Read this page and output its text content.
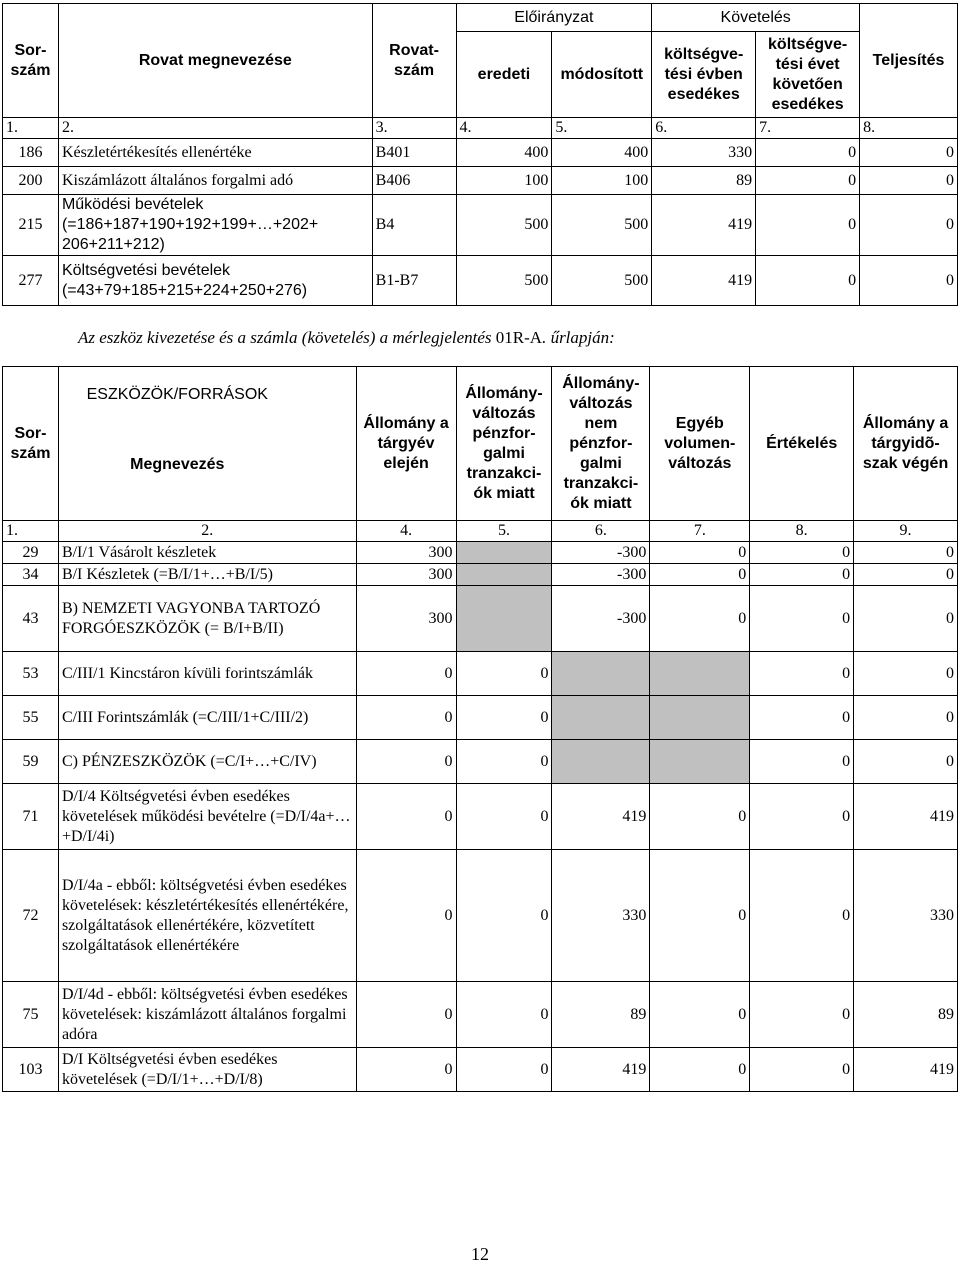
Sor-szám	Rovat megnevezése	Rovat-szám	Előirányzat		Követelés		Teljesítés
			eredeti	módosított	költségve-tési évben esedékes	költségve-tési évet követően esedékes	
1.	2.	3.	4.	5.	6.	7.	8.
186	Készletértékesítés ellenértéke	B401	400	400	330	0	0
200	Kiszámlázott általános forgalmi adó	B406	100	100	89	0	0
215	Működési bevételek (=186+187+190+192+199+…+202+ 206+211+212)	B4	500	500	419	0	0
277	Költségvetési bevételek (=43+79+185+215+224+250+276)	B1-B7	500	500	419	0	0
Az eszköz kivezetése és a számla (követelés) a mérlegjelentés 01R-A. űrlapján:
Sor-szám	ESZKÖZÖK/FORRÁSOK
Megnevezés	Állomány a tárgyév elején	Állomány-változás pénzfor-galmi tranzakci-ók miatt	Állomány-változás nem pénzfor-galmi tranzakci-ók miatt	Egyéb volumen-változás	Értékelés	Állomány a tárgyidõ-szak végén
1.	2.	4.	5.	6.	7.	8.	9.
29	B/I/1 Vásárolt készletek	300		-300	0	0	0
34	B/I Készletek (=B/I/1+…+B/I/5)	300		-300	0	0	0
43	B) NEMZETI VAGYONBA TARTOZÓ FORGÓESZKÖZÖK (= B/I+B/II)	300		-300	0	0	0
53	C/III/1 Kincstáron kívüli forintszámlák	0	0			0	0
55	C/III Forintszámlák (=C/III/1+C/III/2)	0	0			0	0
59	C) PÉNZESZKÖZÖK (=C/I+…+C/IV)	0	0			0	0
71	D/I/4 Költségvetési évben esedékes követelések működési bevételre (=D/I/4a+…+D/I/4i)	0	0	419	0	0	419
72	D/I/4a - ebből: költségvetési évben esedékes követelések: készletértékesítés ellenértékére, szolgáltatások ellenértékére, közvetített szolgáltatások ellenértékére	0	0	330	0	0	330
75	D/I/4d - ebből: költségvetési évben esedékes követelések: kiszámlázott általános forgalmi adóra	0	0	89	0	0	89
103	D/I Költségvetési évben esedékes követelések (=D/I/1+…+D/I/8)	0	0	419	0	0	419
12
